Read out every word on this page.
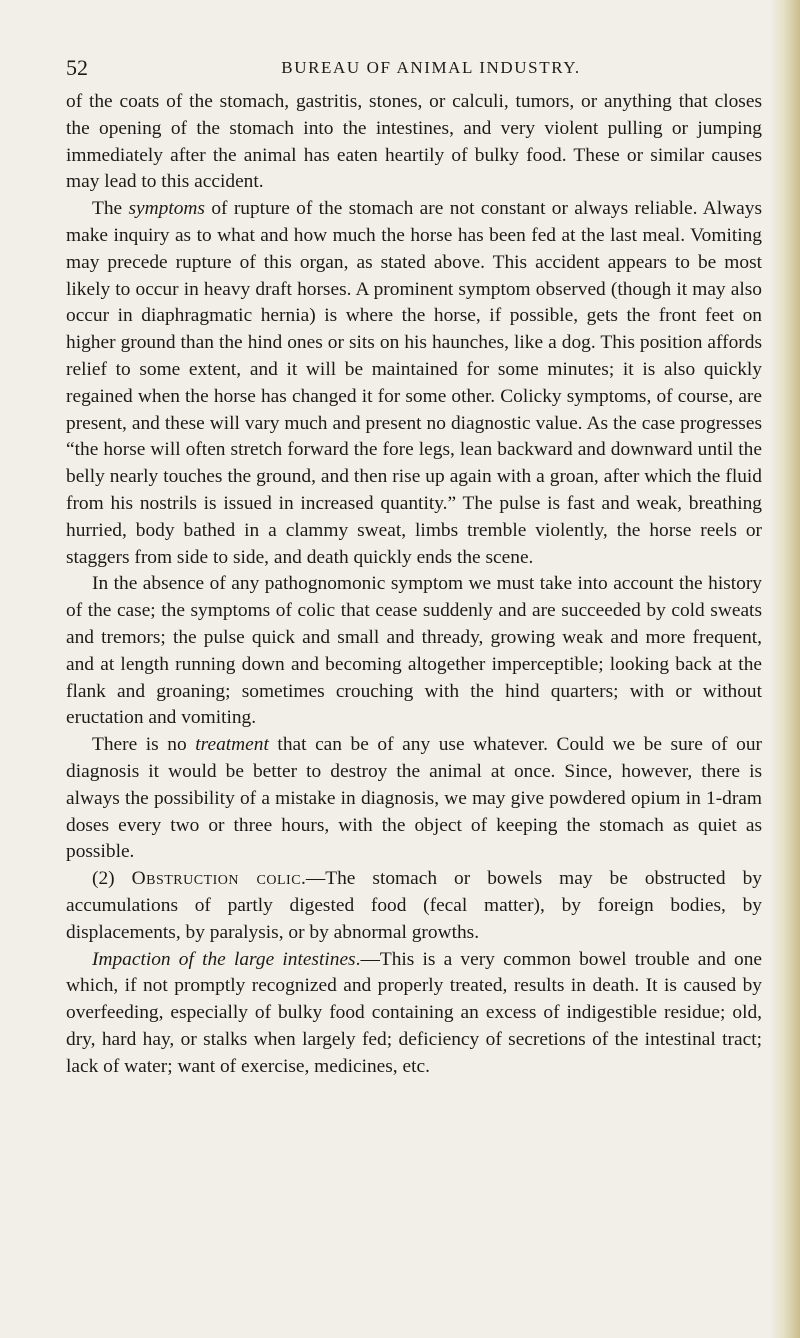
52	BUREAU OF ANIMAL INDUSTRY.

of the coats of the stomach, gastritis, stones, or calculi, tumors, or anything that closes the opening of the stomach into the intestines, and very violent pulling or jumping immediately after the animal has eaten heartily of bulky food. These or similar causes may lead to this accident.

The symptoms of rupture of the stomach are not constant or always reliable. Always make inquiry as to what and how much the horse has been fed at the last meal. Vomiting may precede rupture of this organ, as stated above. This accident appears to be most likely to occur in heavy draft horses. A prominent symptom observed (though it may also occur in diaphragmatic hernia) is where the horse, if possible, gets the front feet on higher ground than the hind ones or sits on his haunches, like a dog. This position affords relief to some extent, and it will be maintained for some minutes; it is also quickly regained when the horse has changed it for some other. Colicky symptoms, of course, are present, and these will vary much and present no diagnostic value. As the case progresses “the horse will often stretch forward the fore legs, lean backward and downward until the belly nearly touches the ground, and then rise up again with a groan, after which the fluid from his nostrils is issued in increased quantity.” The pulse is fast and weak, breathing hurried, body bathed in a clammy sweat, limbs tremble violently, the horse reels or staggers from side to side, and death quickly ends the scene.

In the absence of any pathognomonic symptom we must take into account the history of the case; the symptoms of colic that cease suddenly and are succeeded by cold sweats and tremors; the pulse quick and small and thready, growing weak and more frequent, and at length running down and becoming altogether imperceptible; looking back at the flank and groaning; sometimes crouching with the hind quarters; with or without eructation and vomiting.

There is no treatment that can be of any use whatever. Could we be sure of our diagnosis it would be better to destroy the animal at once. Since, however, there is always the possibility of a mistake in diagnosis, we may give powdered opium in 1-dram doses every two or three hours, with the object of keeping the stomach as quiet as possible.

(2) Obstruction colic.—The stomach or bowels may be obstructed by accumulations of partly digested food (fecal matter), by foreign bodies, by displacements, by paralysis, or by abnormal growths.

Impaction of the large intestines.—This is a very common bowel trouble and one which, if not promptly recognized and properly treated, results in death. It is caused by overfeeding, especially of bulky food containing an excess of indigestible residue; old, dry, hard hay, or stalks when largely fed; deficiency of secretions of the intestinal tract; lack of water; want of exercise, medicines, etc.
